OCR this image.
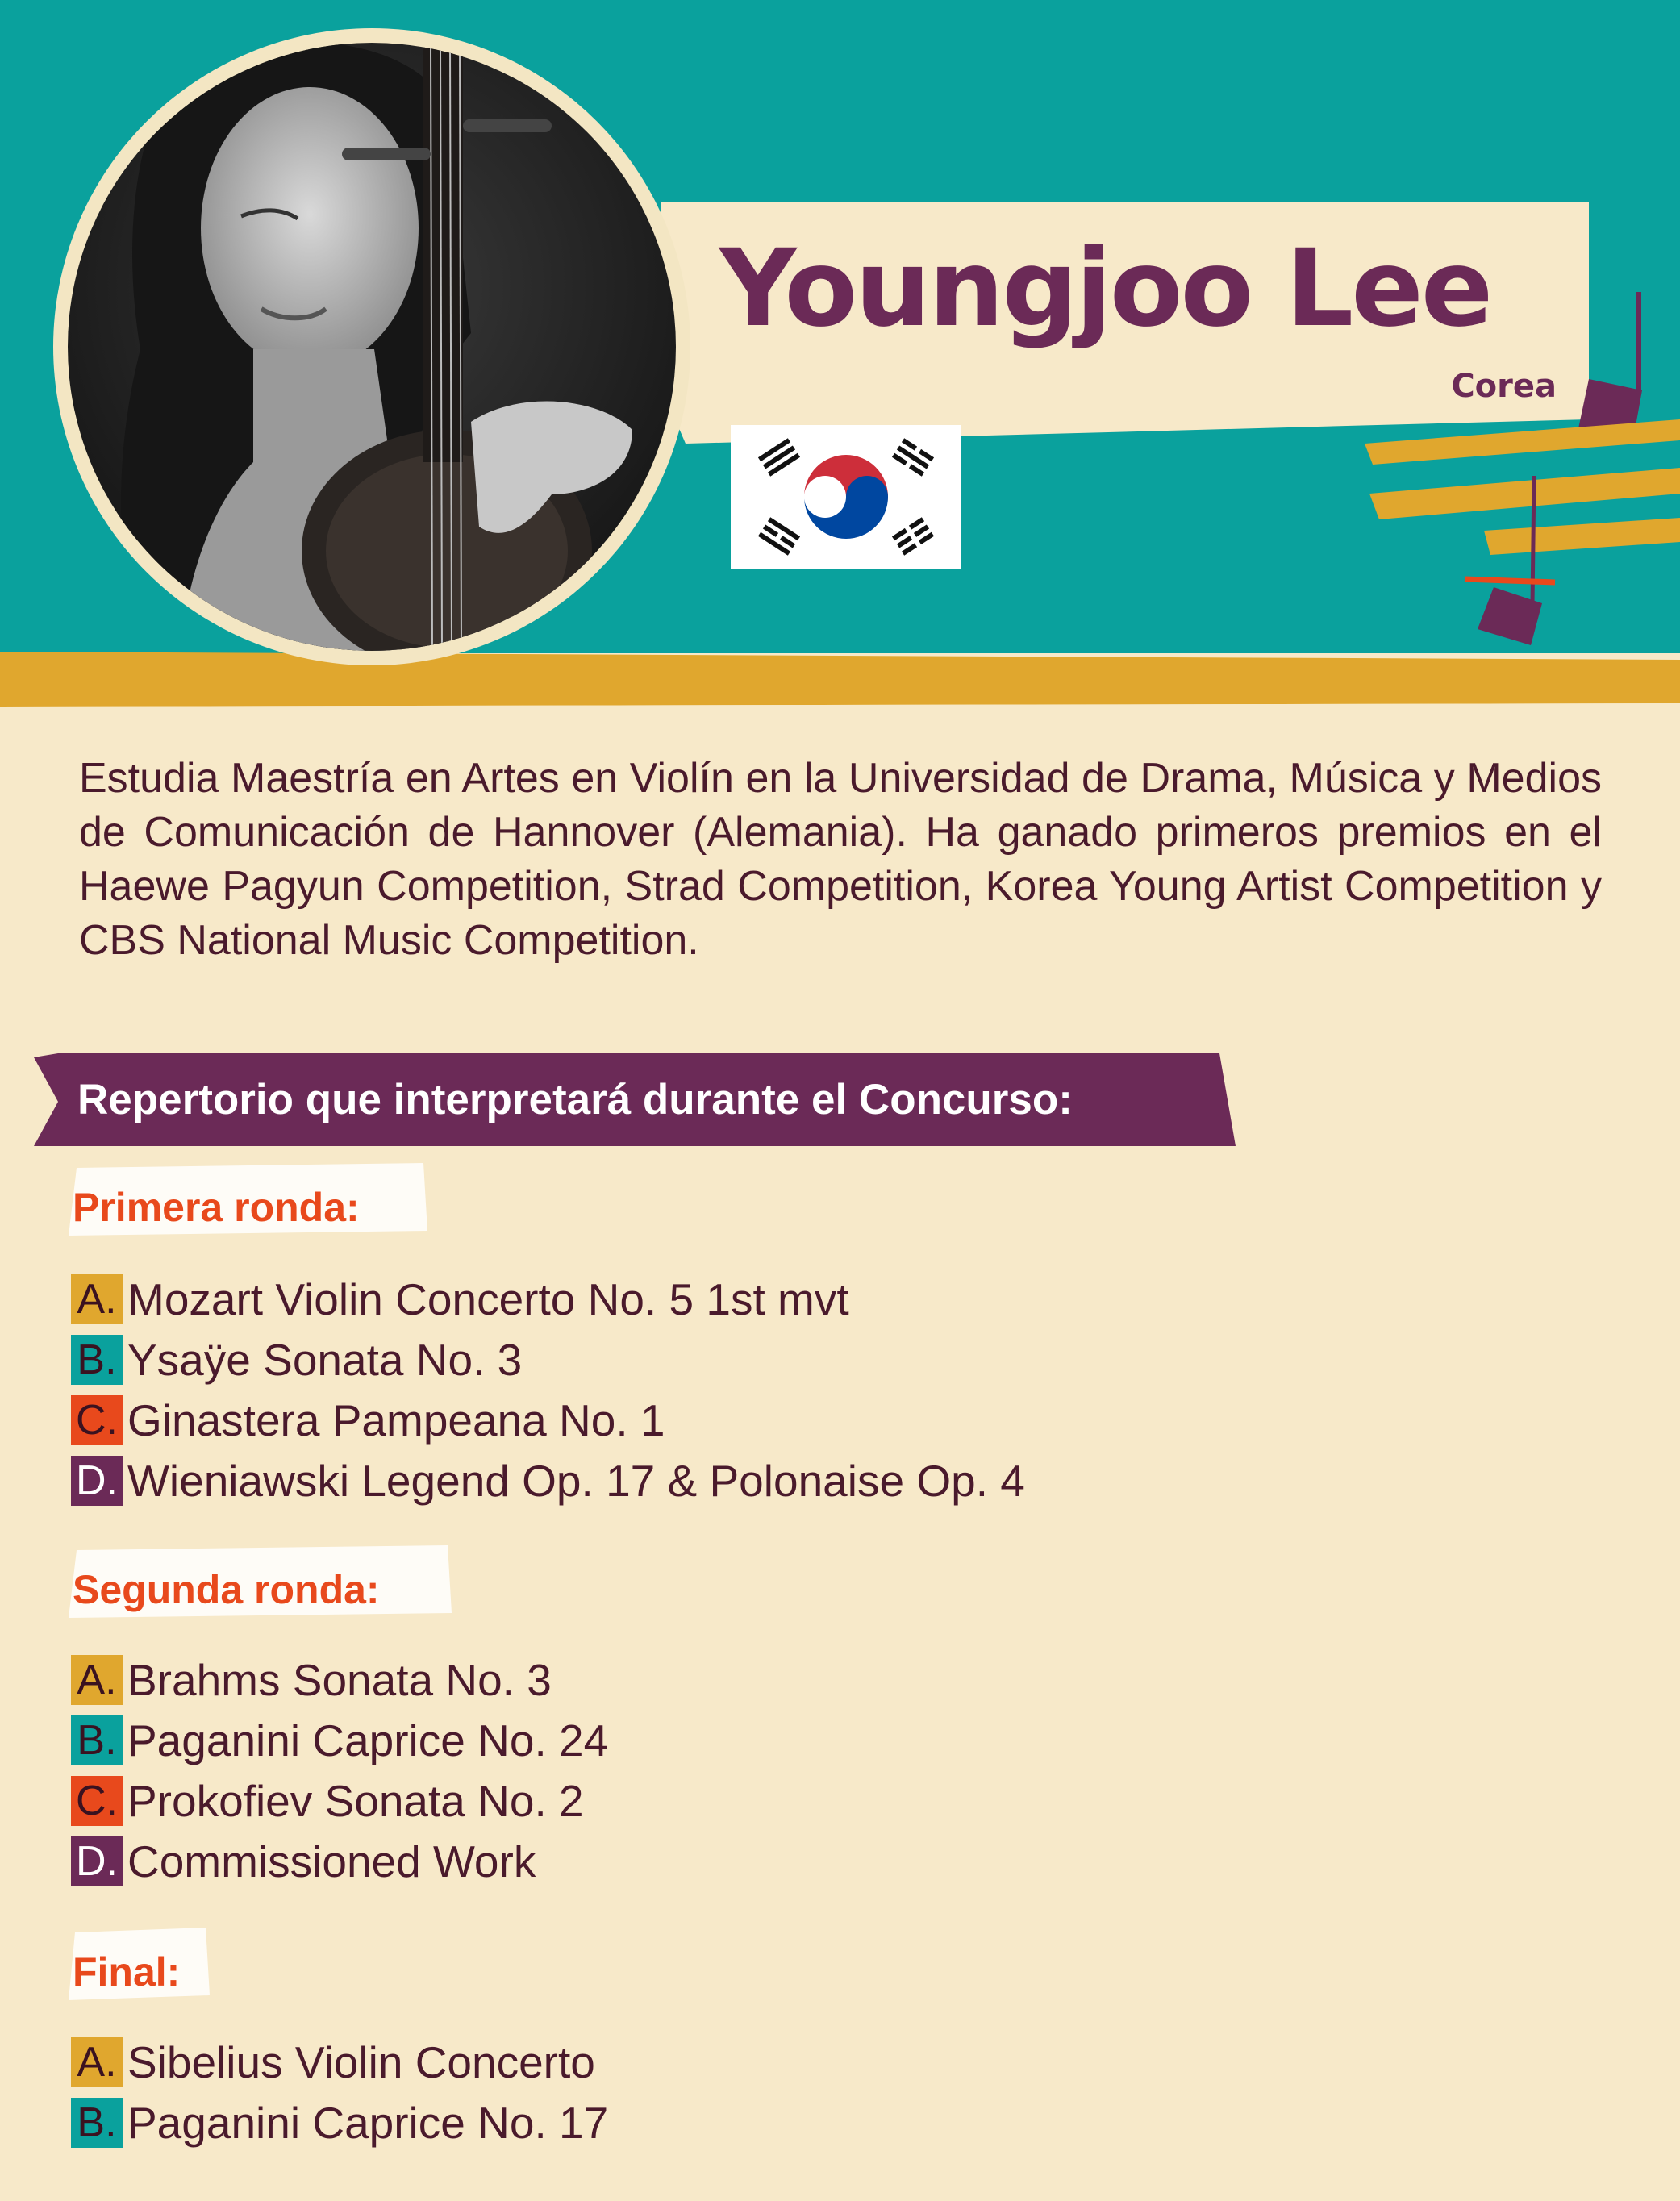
Youngjoo Lee
Corea
Estudia Maestría en Artes en Violín en la Universidad de Drama, Música y Medios de Comunicación de Hannover (Alemania). Ha ganado primeros premios en el Haewe Pagyun Competition, Strad Competition, Korea Young Artist Competition y CBS National Music Competition.
Repertorio que interpretará durante el Concurso:
Primera ronda:
A. Mozart Violin Concerto No. 5 1st mvt
B. Ysaÿe Sonata No. 3
C. Ginastera Pampeana No. 1
D. Wieniawski Legend Op. 17 & Polonaise Op. 4
Segunda ronda:
A. Brahms Sonata No. 3
B. Paganini Caprice No. 24
C. Prokofiev Sonata No. 2
D. Commissioned Work
Final:
A. Sibelius Violin Concerto
B. Paganini Caprice No. 17
